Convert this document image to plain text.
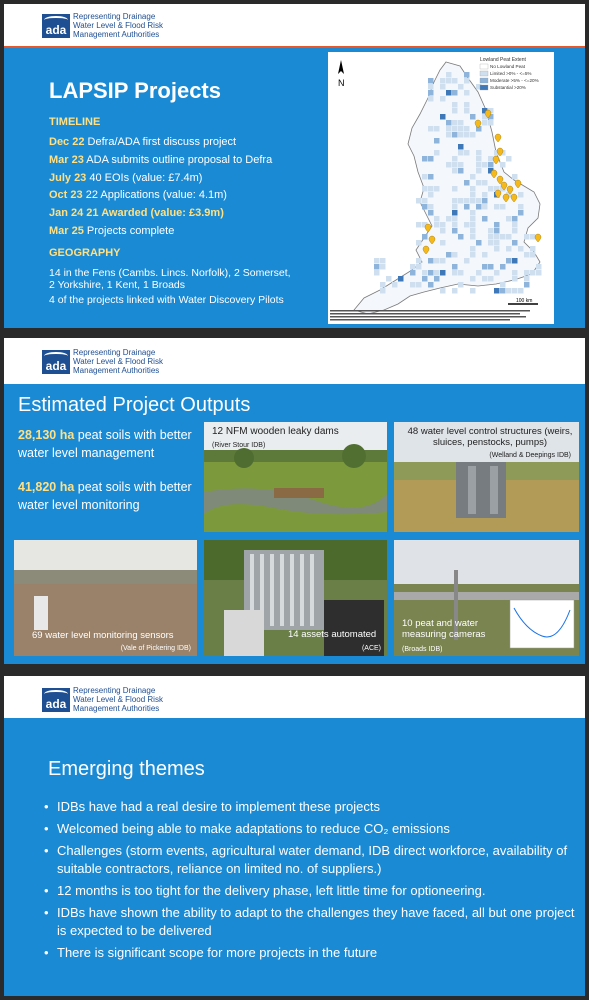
ada
Representing Drainage
Water Level & Flood Risk
Management Authorities
LAPSIP Projects
TIMELINE
Dec 22 Defra/ADA first discuss project
Mar 23 ADA submits outline proposal to Defra
July 23 40 EOIs (value: £7.4m)
Oct 23 22 Applications (value: 4.1m)
Jan 24 21 Awarded (value: £3.9m)
Mar 25 Projects complete
GEOGRAPHY
14 in the Fens (Cambs. Lincs. Norfolk), 2 Somerset,
2 Yorkshire, 1 Kent, 1 Broads
4 of the projects linked with Water Discovery Pilots
N
Lowland Peat Extent
No Lowland Peat
Limited >0% - <=5%
Moderate >5% - <=20%
Substantial >20%
100 km
ada
Representing Drainage
Water Level & Flood Risk
Management Authorities
Estimated Project Outputs
28,130 ha peat soils with better water level management
41,820 ha peat soils with better water level monitoring
12 NFM wooden leaky dams
(River Stour IDB)
48 water level control structures (weirs, sluices, penstocks, pumps)
(Welland & Deepings IDB)
69 water level monitoring sensors
(Vale of Pickering IDB)
14 assets automated
(ACE)
10 peat and water measuring cameras
(Broads IDB)
ada
Representing Drainage
Water Level & Flood Risk
Management Authorities
Emerging themes
• IDBs have had a real desire to implement these projects
• Welcomed being able to make adaptations to reduce CO₂ emissions
• Challenges (storm events, agricultural water demand, IDB direct workforce, availability of suitable contractors, reliance on limited no. of suppliers.)
• 12 months is too tight for the delivery phase, left little time for optioneering.
• IDBs have shown the ability to adapt to the challenges they have faced, all but one project is expected to be delivered
• There is significant scope for more projects in the future
